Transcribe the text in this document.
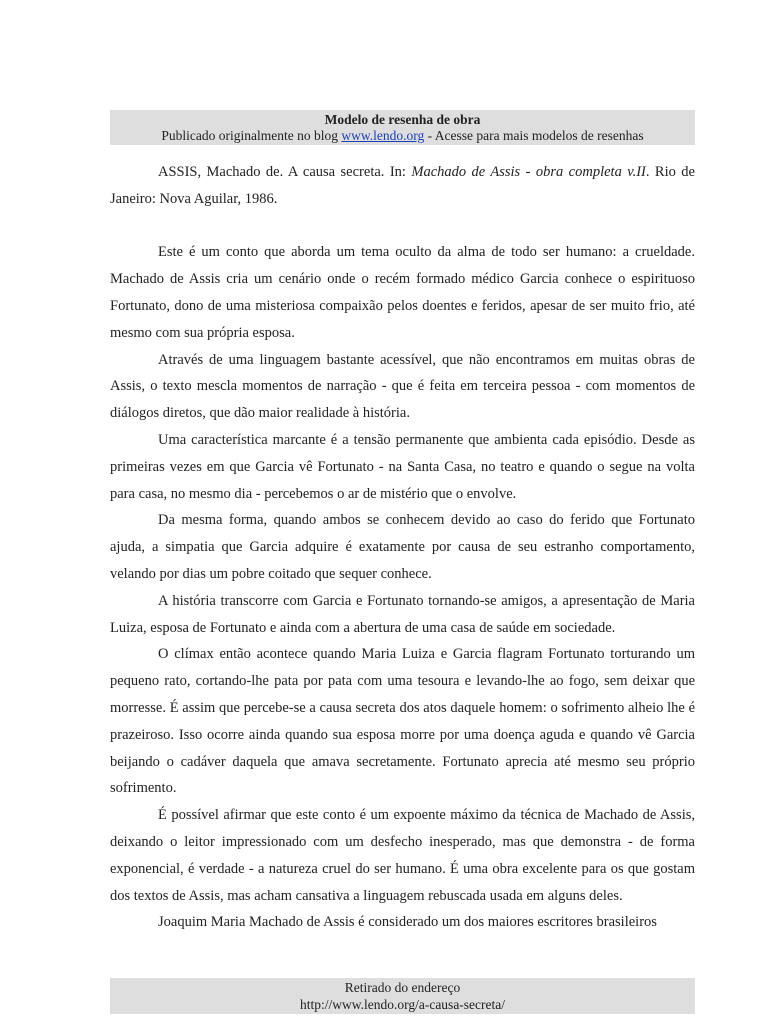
Modelo de resenha de obra
Publicado originalmente no blog www.lendo.org - Acesse para mais modelos de resenhas

ASSIS, Machado de. A causa secreta. In: Machado de Assis - obra completa v.II. Rio de Janeiro: Nova Aguilar, 1986.

Este é um conto que aborda um tema oculto da alma de todo ser humano: a crueldade. Machado de Assis cria um cenário onde o recém formado médico Garcia conhece o espirituoso Fortunato, dono de uma misteriosa compaixão pelos doentes e feridos, apesar de ser muito frio, até mesmo com sua própria esposa.

Através de uma linguagem bastante acessível, que não encontramos em muitas obras de Assis, o texto mescla momentos de narração - que é feita em terceira pessoa - com momentos de diálogos diretos, que dão maior realidade à história.

Uma característica marcante é a tensão permanente que ambienta cada episódio. Desde as primeiras vezes em que Garcia vê Fortunato - na Santa Casa, no teatro e quando o segue na volta para casa, no mesmo dia - percebemos o ar de mistério que o envolve.

Da mesma forma, quando ambos se conhecem devido ao caso do ferido que Fortunato ajuda, a simpatia que Garcia adquire é exatamente por causa de seu estranho comportamento, velando por dias um pobre coitado que sequer conhece.

A história transcorre com Garcia e Fortunato tornando-se amigos, a apresentação de Maria Luiza, esposa de Fortunato e ainda com a abertura de uma casa de saúde em sociedade.

O clímax então acontece quando Maria Luiza e Garcia flagram Fortunato torturando um pequeno rato, cortando-lhe pata por pata com uma tesoura e levando-lhe ao fogo, sem deixar que morresse. É assim que percebe-se a causa secreta dos atos daquele homem: o sofrimento alheio lhe é prazeiroso. Isso ocorre ainda quando sua esposa morre por uma doença aguda e quando vê Garcia beijando o cadáver daquela que amava secretamente. Fortunato aprecia até mesmo seu próprio sofrimento.

É possível afirmar que este conto é um expoente máximo da técnica de Machado de Assis, deixando o leitor impressionado com um desfecho inesperado, mas que demonstra - de forma exponencial, é verdade - a natureza cruel do ser humano. É uma obra excelente para os que gostam dos textos de Assis, mas acham cansativa a linguagem rebuscada usada em alguns deles.

Joaquim Maria Machado de Assis é considerado um dos maiores escritores brasileiros

Retirado do endereço
http://www.lendo.org/a-causa-secreta/
